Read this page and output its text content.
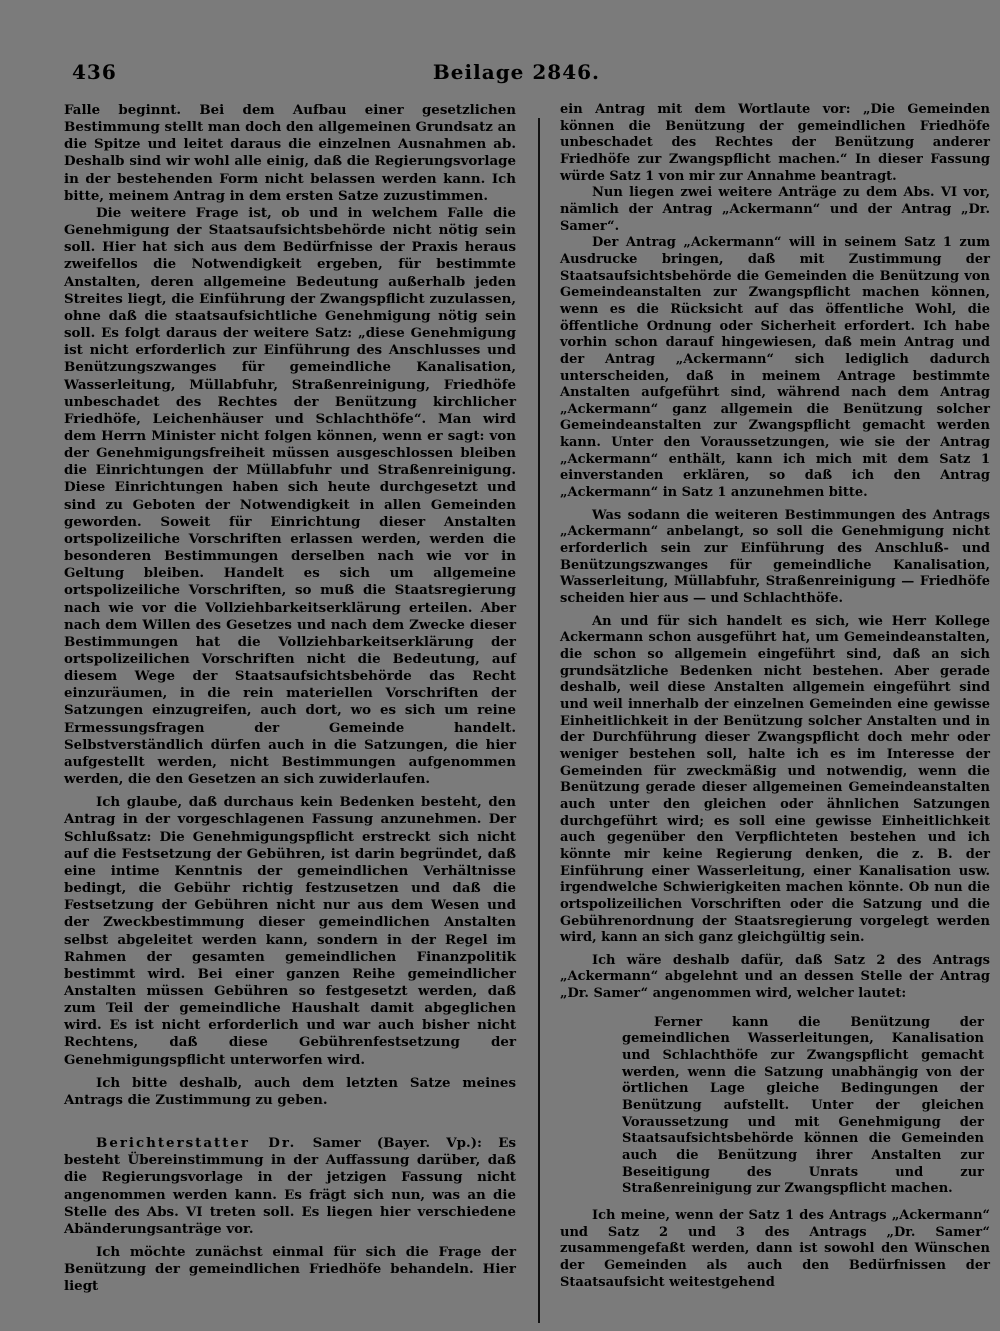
436	Beilage 2846.

Falle beginnt. Bei dem Aufbau einer gesetzlichen Bestimmung stellt man doch den allgemeinen Grundsatz an die Spitze und leitet daraus die einzelnen Ausnahmen ab. Deshalb sind wir wohl alle einig, daß die Regierungsvorlage in der bestehenden Form nicht belassen werden kann. Ich bitte, meinem Antrag in dem ersten Satze zuzustimmen.

Die weitere Frage ist, ob und in welchem Falle die Genehmigung der Staatsaufsichtsbehörde nicht nötig sein soll. Hier hat sich aus dem Bedürfnisse der Praxis heraus zweifellos die Notwendigkeit ergeben, für bestimmte Anstalten, deren allgemeine Bedeutung außerhalb jeden Streites liegt, die Einführung der Zwangspflicht zuzulassen, ohne daß die staatsaufsichtliche Genehmigung nötig sein soll. Es folgt daraus der weitere Satz: „diese Genehmigung ist nicht erforderlich zur Einführung des Anschlusses und Benützungszwanges für gemeindliche Kanalisation, Wasserleitung, Müllabfuhr, Straßenreinigung, Friedhöfe unbeschadet des Rechtes der Benützung kirchlicher Friedhöfe, Leichenhäuser und Schlachthöfe“. Man wird dem Herrn Minister nicht folgen können, wenn er sagt: von der Genehmigungsfreiheit müssen ausgeschlossen bleiben die Einrichtungen der Müllabfuhr und Straßenreinigung. Diese Einrichtungen haben sich heute durchgesetzt und sind zu Geboten der Notwendigkeit in allen Gemeinden geworden. Soweit für Einrichtung dieser Anstalten ortspolizeiliche Vorschriften erlassen werden, werden die besonderen Bestimmungen derselben nach wie vor in Geltung bleiben. Handelt es sich um allgemeine ortspolizeiliche Vorschriften, so muß die Staatsregierung nach wie vor die Vollziehbarkeitserklärung erteilen. Aber nach dem Willen des Gesetzes und nach dem Zwecke dieser Bestimmungen hat die Vollziehbarkeitserklärung der ortspolizeilichen Vorschriften nicht die Bedeutung, auf diesem Wege der Staatsaufsichtsbehörde das Recht einzuräumen, in die rein materiellen Vorschriften der Satzungen einzugreifen, auch dort, wo es sich um reine Ermessungsfragen der Gemeinde handelt. Selbstverständlich dürfen auch in die Satzungen, die hier aufgestellt werden, nicht Bestimmungen aufgenommen werden, die den Gesetzen an sich zuwiderlaufen.

Ich glaube, daß durchaus kein Bedenken besteht, den Antrag in der vorgeschlagenen Fassung anzunehmen. Der Schlußsatz: Die Genehmigungspflicht erstreckt sich nicht auf die Festsetzung der Gebühren, ist darin begründet, daß eine intime Kenntnis der gemeindlichen Verhältnisse bedingt, die Gebühr richtig festzusetzen und daß die Festsetzung der Gebühren nicht nur aus dem Wesen und der Zweckbestimmung dieser gemeindlichen Anstalten selbst abgeleitet werden kann, sondern in der Regel im Rahmen der gesamten gemeindlichen Finanzpolitik bestimmt wird. Bei einer ganzen Reihe gemeindlicher Anstalten müssen Gebühren so festgesetzt werden, daß zum Teil der gemeindliche Haushalt damit abgeglichen wird. Es ist nicht erforderlich und war auch bisher nicht Rechtens, daß diese Gebührenfestsetzung der Genehmigungspflicht unterworfen wird.

Ich bitte deshalb, auch dem letzten Satze meines Antrags die Zustimmung zu geben.

Berichterstatter Dr. Samer (Bayer. Vp.): Es besteht Übereinstimmung in der Auffassung darüber, daß die Regierungsvorlage in der jetzigen Fassung nicht angenommen werden kann. Es frägt sich nun, was an die Stelle des Abs. VI treten soll. Es liegen hier verschiedene Abänderungsanträge vor.

Ich möchte zunächst einmal für sich die Frage der Benützung der gemeindlichen Friedhöfe behandeln. Hier liegt

ein Antrag mit dem Wortlaute vor: „Die Gemeinden können die Benützung der gemeindlichen Friedhöfe unbeschadet des Rechtes der Benützung anderer Friedhöfe zur Zwangspflicht machen.“ In dieser Fassung würde Satz 1 von mir zur Annahme beantragt.

Nun liegen zwei weitere Anträge zu dem Abs. VI vor, nämlich der Antrag „Ackermann“ und der Antrag „Dr. Samer“.

Der Antrag „Ackermann“ will in seinem Satz 1 zum Ausdrucke bringen, daß mit Zustimmung der Staatsaufsichtsbehörde die Gemeinden die Benützung von Gemeindeanstalten zur Zwangspflicht machen können, wenn es die Rücksicht auf das öffentliche Wohl, die öffentliche Ordnung oder Sicherheit erfordert. Ich habe vorhin schon darauf hingewiesen, daß mein Antrag und der Antrag „Ackermann“ sich lediglich dadurch unterscheiden, daß in meinem Antrage bestimmte Anstalten aufgeführt sind, während nach dem Antrag „Ackermann“ ganz allgemein die Benützung solcher Gemeindeanstalten zur Zwangspflicht gemacht werden kann. Unter den Voraussetzungen, wie sie der Antrag „Ackermann“ enthält, kann ich mich mit dem Satz 1 einverstanden erklären, so daß ich den Antrag „Ackermann“ in Satz 1 anzunehmen bitte.

Was sodann die weiteren Bestimmungen des Antrags „Ackermann“ anbelangt, so soll die Genehmigung nicht erforderlich sein zur Einführung des Anschluß- und Benützungszwanges für gemeindliche Kanalisation, Wasserleitung, Müllabfuhr, Straßenreinigung — Friedhöfe scheiden hier aus — und Schlachthöfe.

An und für sich handelt es sich, wie Herr Kollege Ackermann schon ausgeführt hat, um Gemeindeanstalten, die schon so allgemein eingeführt sind, daß an sich grundsätzliche Bedenken nicht bestehen. Aber gerade deshalb, weil diese Anstalten allgemein eingeführt sind und weil innerhalb der einzelnen Gemeinden eine gewisse Einheitlichkeit in der Benützung solcher Anstalten und in der Durchführung dieser Zwangspflicht doch mehr oder weniger bestehen soll, halte ich es im Interesse der Gemeinden für zweckmäßig und notwendig, wenn die Benützung gerade dieser allgemeinen Gemeindeanstalten auch unter den gleichen oder ähnlichen Satzungen durchgeführt wird; es soll eine gewisse Einheitlichkeit auch gegenüber den Verpflichteten bestehen und ich könnte mir keine Regierung denken, die z. B. der Einführung einer Wasserleitung, einer Kanalisation usw. irgendwelche Schwierigkeiten machen könnte. Ob nun die ortspolizeilichen Vorschriften oder die Satzung und die Gebührenordnung der Staatsregierung vorgelegt werden wird, kann an sich ganz gleichgültig sein.

Ich wäre deshalb dafür, daß Satz 2 des Antrags „Ackermann“ abgelehnt und an dessen Stelle der Antrag „Dr. Samer“ angenommen wird, welcher lautet:

Ferner kann die Benützung der gemeindlichen Wasserleitungen, Kanalisation und Schlachthöfe zur Zwangspflicht gemacht werden, wenn die Satzung unabhängig von der örtlichen Lage gleiche Bedingungen der Benützung aufstellt. Unter der gleichen Voraussetzung und mit Genehmigung der Staatsaufsichtsbehörde können die Gemeinden auch die Benützung ihrer Anstalten zur Beseitigung des Unrats und zur Straßenreinigung zur Zwangspflicht machen.

Ich meine, wenn der Satz 1 des Antrags „Ackermann“ und Satz 2 und 3 des Antrags „Dr. Samer“ zusammengefaßt werden, dann ist sowohl den Wünschen der Gemeinden als auch den Bedürfnissen der Staatsaufsicht weitestgehend
